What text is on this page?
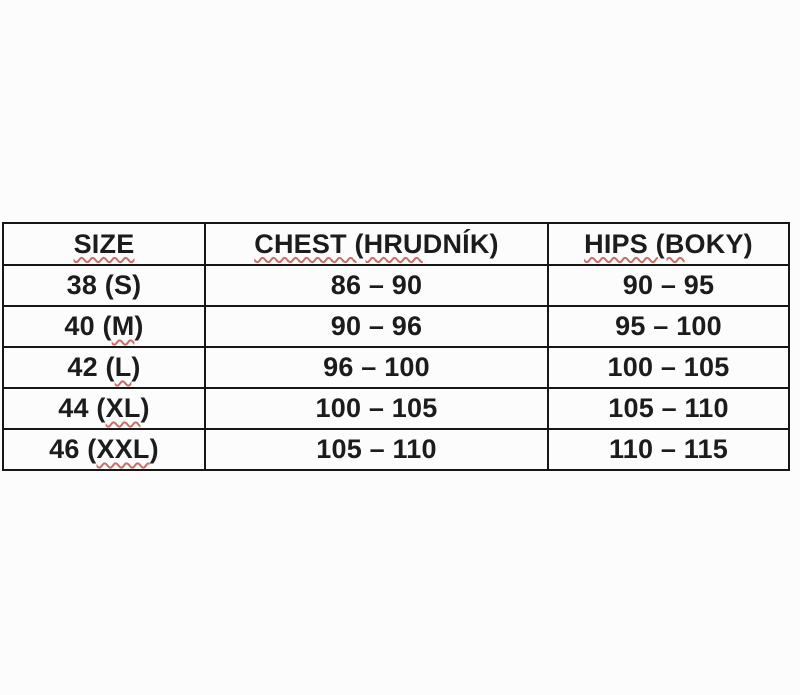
SIZE	CHEST (HRUDNÍK)	HIPS (BOKY)
38 (S)	86 – 90	90 – 95
40 (M)	90 – 96	95 – 100
42 (L)	96 – 100	100 – 105
44 (XL)	100 – 105	105 – 110
46 (XXL)	105 – 110	110 – 115
